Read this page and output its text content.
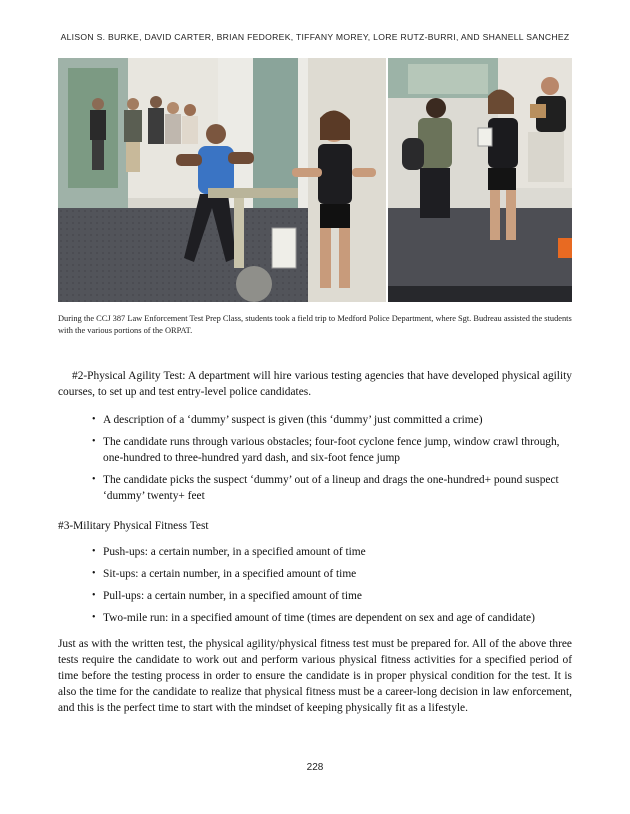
ALISON S. BURKE, DAVID CARTER, BRIAN FEDOREK, TIFFANY MOREY, LORE RUTZ-BURRI, AND SHANELL SANCHEZ
During the CCJ 387 Law Enforcement Test Prep Class, students took a field trip to Medford Police Department, where Sgt. Budreau assisted the students with the various portions of the ORPAT.

#2-Physical Agility Test: A department will hire various testing agencies that have developed physical agility courses, to set up and test entry-level police candidates.

• A description of a ‘dummy’ suspect is given (this ‘dummy’ just committed a crime)
• The candidate runs through various obstacles; four-foot cyclone fence jump, window crawl through, one-hundred to three-hundred yard dash, and six-foot fence jump
• The candidate picks the suspect ‘dummy’ out of a lineup and drags the one-hundred+ pound suspect ‘dummy’ twenty+ feet
#3-Military Physical Fitness Test
• Push-ups: a certain number, in a specified amount of time
• Sit-ups: a certain number, in a specified amount of time
• Pull-ups: a certain number, in a specified amount of time
• Two-mile run: in a specified amount of time (times are dependent on sex and age of candidate)

Just as with the written test, the physical agility/physical fitness test must be prepared for. All of the above three tests require the candidate to work out and perform various physical fitness activities for a specified period of time before the testing process in order to ensure the candidate is in proper physical condition for the test. It is also the time for the candidate to realize that physical fitness must be a career-long decision in law enforcement, and this is the perfect time to start with the mindset of keeping physically fit as a lifestyle.

228
